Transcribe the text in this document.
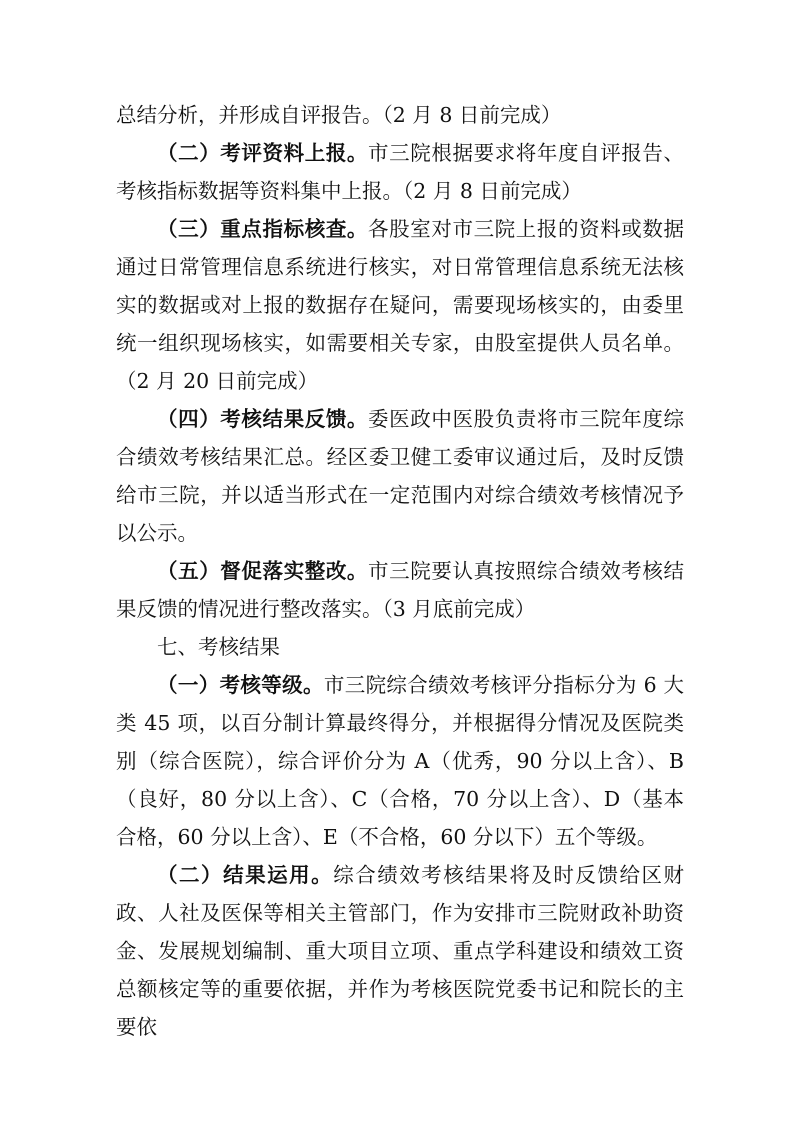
总结分析，并形成自评报告。（2 月 8 日前完成）

（二）考评资料上报。市三院根据要求将年度自评报告、考核指标数据等资料集中上报。（2 月 8 日前完成）

（三）重点指标核查。各股室对市三院上报的资料或数据通过日常管理信息系统进行核实，对日常管理信息系统无法核实的数据或对上报的数据存在疑问，需要现场核实的，由委里统一组织现场核实，如需要相关专家，由股室提供人员名单。（2 月 20 日前完成）

（四）考核结果反馈。委医政中医股负责将市三院年度综合绩效考核结果汇总。经区委卫健工委审议通过后，及时反馈给市三院，并以适当形式在一定范围内对综合绩效考核情况予以公示。

（五）督促落实整改。市三院要认真按照综合绩效考核结果反馈的情况进行整改落实。（3 月底前完成）

七、考核结果

（一）考核等级。市三院综合绩效考核评分指标分为 6 大类 45 项，以百分制计算最终得分，并根据得分情况及医院类别（综合医院），综合评价分为 A（优秀，90 分以上含）、B（良好，80 分以上含）、C（合格，70 分以上含）、D（基本合格，60 分以上含）、E（不合格，60 分以下）五个等级。

（二）结果运用。综合绩效考核结果将及时反馈给区财政、人社及医保等相关主管部门，作为安排市三院财政补助资金、发展规划编制、重大项目立项、重点学科建设和绩效工资总额核定等的重要依据，并作为考核医院党委书记和院长的主要依
